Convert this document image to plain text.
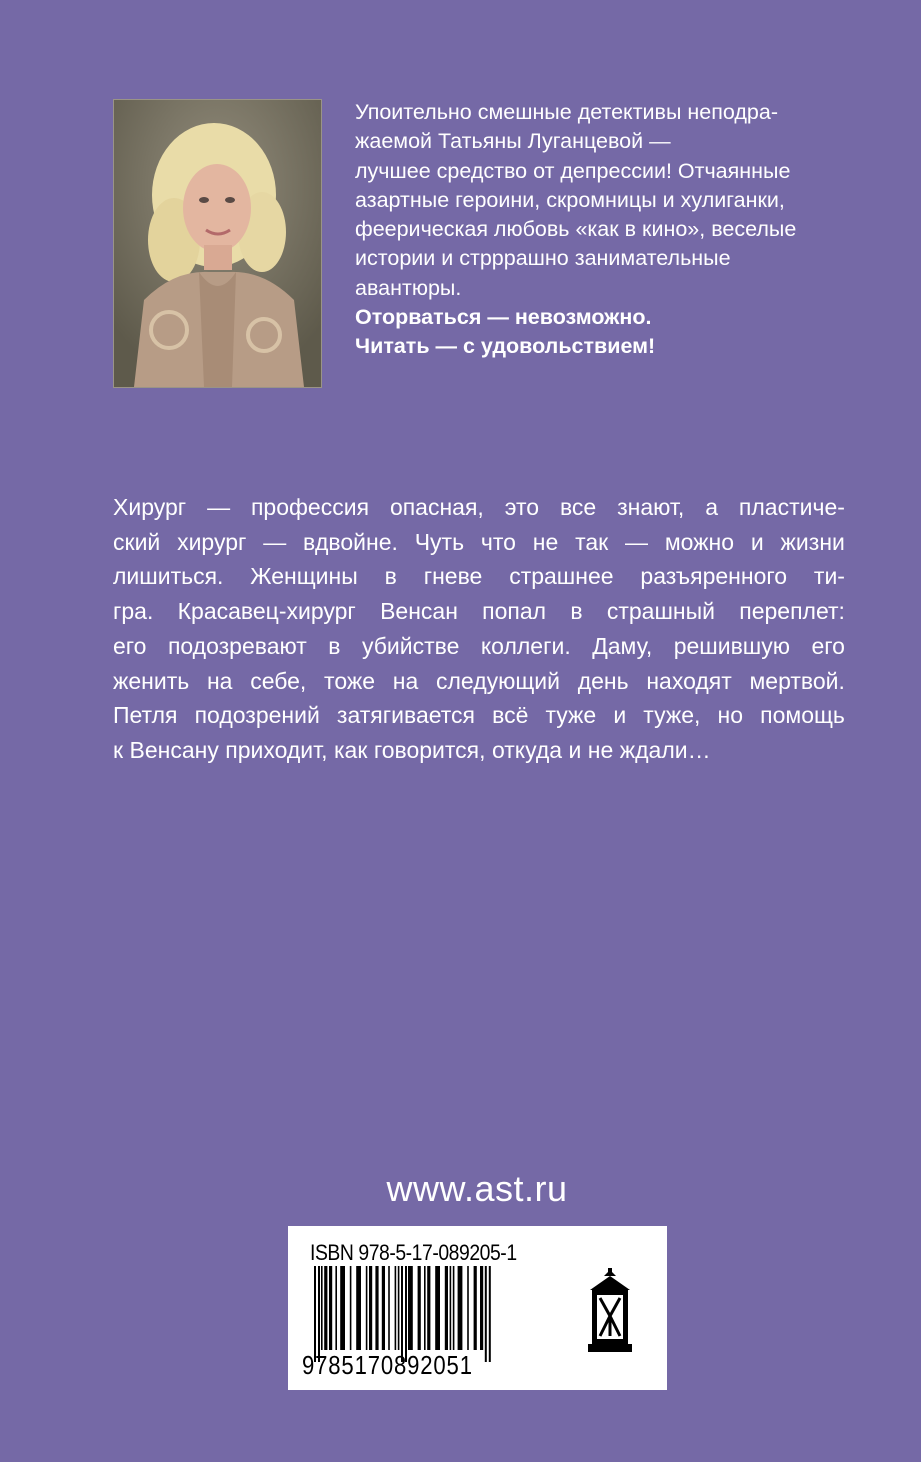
Упоительно смешные детективы неподра-
жаемой Татьяны Луганцевой —
лучшее средство от депрессии! Отчаянные
азартные героини, скромницы и хулиганки,
феерическая любовь «как в кино», веселые
истории и стрррашно занимательные
авантюры.
Оторваться — невозможно.
Читать — с удовольствием!
Хирург — профессия опасная, это все знают, а пластиче-
ский хирург — вдвойне. Чуть что не так — можно и жизни
лишиться. Женщины в гневе страшнее разъяренного ти-
гра. Красавец-хирург Венсан попал в страшный переплет:
его подозревают в убийстве коллеги. Даму, решившую его
женить на себе, тоже на следующий день находят мертвой.
Петля подозрений затягивается всё туже и туже, но помощь
к Венсану приходит, как говорится, откуда и не ждали…
www.ast.ru
ISBN 978-5-17-089205-1
9785170892051
